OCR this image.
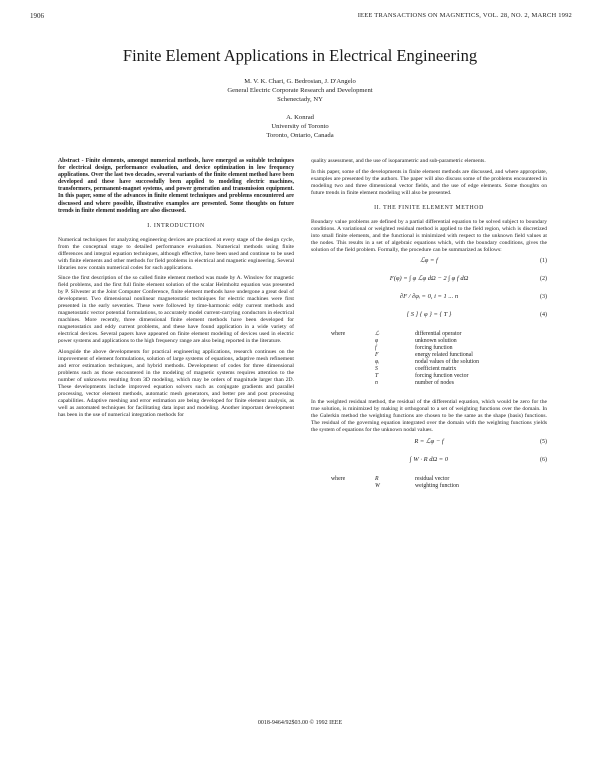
1906	IEEE TRANSACTIONS ON MAGNETICS, VOL. 28, NO. 2, MARCH 1992
Finite Element Applications in Electrical Engineering
M. V. K. Chari, G. Bedrosian, J. D'Angelo
General Electric Corporate Research and Development
Schenectady, NY
A. Konrad
University of Toronto
Toronto, Ontario, Canada

Abstract - Finite elements, amongst numerical methods, have emerged as suitable techniques for electrical design, performance evaluation, and device optimization in low frequency applications. Over the last two decades, several variants of the finite element method have been developed and these have successfully been applied to modeling electric machines, transformers, permanent-magnet systems, and power generation and transmission equipment. In this paper, some of the advances in finite element techniques and problems encountered are discussed and where possible, illustrative examples are presented. Some thoughts on future trends in finite element modeling are also discussed.

I. INTRODUCTION

Numerical techniques for analyzing engineering devices are practiced at every stage of the design cycle, from the conceptual stage to detailed performance evaluation. Numerical methods using finite differences and integral equation techniques, although effective, have been used and continue to be used with finite elements and other methods for field problems in electrical and magnetic engineering. Several libraries now contain numerical codes for such applications.

Since the first description of the so called finite element method was made by A. Winslow for magnetic field problems, and the first full finite element solution of the scalar Helmholtz equation was presented by P. Silvester at the Joint Computer Conference, finite element methods have undergone a great deal of development. Two dimensional nonlinear magnetostatic techniques for electric machines were first presented in the early seventies. These were followed by time-harmonic eddy current methods and magnetostatic vector potential formulations, to accurately model current-carrying conductors in electrical machines. More recently, three dimensional finite element methods have been developed for magnetostatics and eddy current problems, and these have found application in a wide variety of electrical devices. Several papers have appeared on finite element modeling of devices used in electric power systems and applications to the high frequency range are also being reported in the literature.

Alongside the above developments for practical engineering applications, research continues on the improvement of element formulations, solution of large systems of equations, adaptive mesh refinement and error estimation techniques, and hybrid methods. Development of codes for three dimensional problems such as those encountered in the modeling of magnetic systems requires attention to the number of unknowns resulting from 3D modeling, which may be orders of magnitude larger than 2D. These developments include improved equation solvers such as conjugate gradients and parallel processing, vector element methods, automatic mesh generators, and better pre and post processing capabilities. Adaptive meshing and error estimation are being developed for finite element analysis, as well as automated techniques for facilitating data input and modeling. Another important development has been in the use of numerical integration methods for

quality assessment, and the use of isoparametric and sub-parametric elements.

In this paper, some of the developments in finite element methods are discussed, and where appropriate, examples are presented by the authors. The paper will also discuss some of the problems encountered in modeling two and three dimensional vector fields, and the use of edge elements. Some thoughts on future trends in finite element modeling will also be presented.

II. THE FINITE ELEMENT METHOD

Boundary value problems are defined by a partial differential equation to be solved subject to boundary conditions. A variational or weighted residual method is applied to the field region, which is discretized into small finite elements, and the functional is minimized with respect to the unknown field values at the nodes. This results in a set of algebraic equations which, with the boundary conditions, gives the solution of the field problem. Formally, the procedure can be summarized as follows:

ℒφ = f	(1)
F(φ) = ∫ φ ℒφ dΩ − 2 ∫ φ f dΩ	(2)
∂F / ∂φᵢ = 0, i = 1 ... n	(3)
[ S ] { φ } = { T }	(4)
where	ℒ	differential operator
φ	unknown solution
f	forcing function
F	energy related functional
φᵢ	nodal values of the solution
S	coefficient matrix
T	forcing function vector
n	number of nodes

In the weighted residual method, the residual of the differential equation, which would be zero for the true solution, is minimized by making it orthogonal to a set of weighting functions over the domain. In the Galerkin method the weighting functions are chosen to be the same as the shape (basis) functions. The residual of the governing equation integrated over the domain with the weighting functions yields the system of equations for the unknown nodal values.

R = ℒφ − f	(5)
∫ W · R dΩ = 0	(6)
where	R	residual vector
W	weighting function
0018-9464/92$03.00 © 1992 IEEE
